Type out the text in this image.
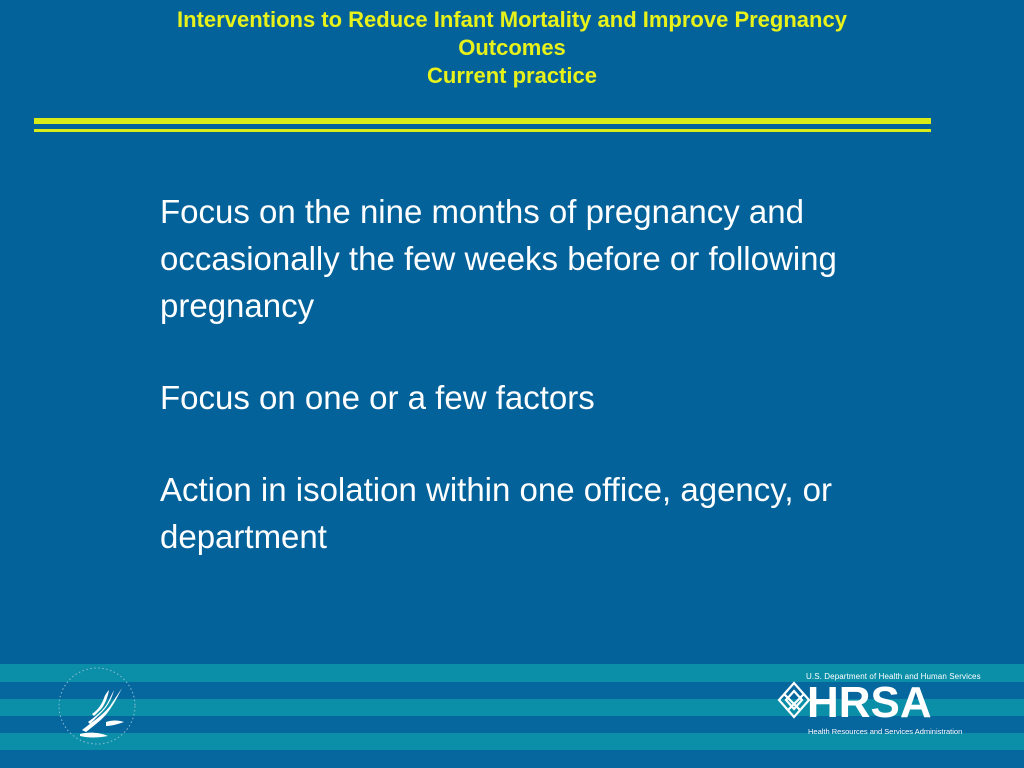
Interventions to Reduce Infant Mortality and Improve Pregnancy
Outcomes
Current practice
Focus on the nine months of pregnancy and occasionally the few weeks before or following pregnancy
Focus on one or a few factors
Action in isolation within one office, agency, or department
U.S. Department of Health and Human Services
HRSA
Health Resources and Services Administration
